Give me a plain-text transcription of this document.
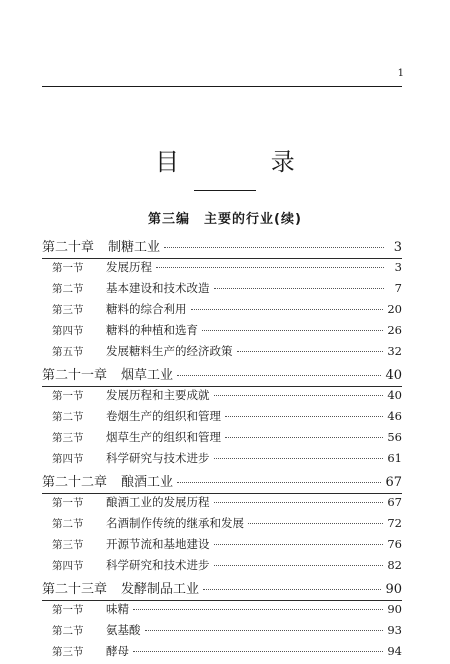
1
目 录
第三编　主要的行业(续)
第二十章 制糖工业	3
第一节	发展历程	3
第二节	基本建设和技术改造	7
第三节	糖料的综合利用	20
第四节	糖料的种植和选育	26
第五节	发展糖料生产的经济政策	32
第二十一章 烟草工业	40
第一节	发展历程和主要成就	40
第二节	卷烟生产的组织和管理	46
第三节	烟草生产的组织和管理	56
第四节	科学研究与技术进步	61
第二十二章 酿酒工业	67
第一节	酿酒工业的发展历程	67
第二节	名酒制作传统的继承和发展	72
第三节	开源节流和基地建设	76
第四节	科学研究和技术进步	82
第二十三章 发酵制品工业	90
第一节	味精	90
第二节	氨基酸	93
第三节	酵母	94
